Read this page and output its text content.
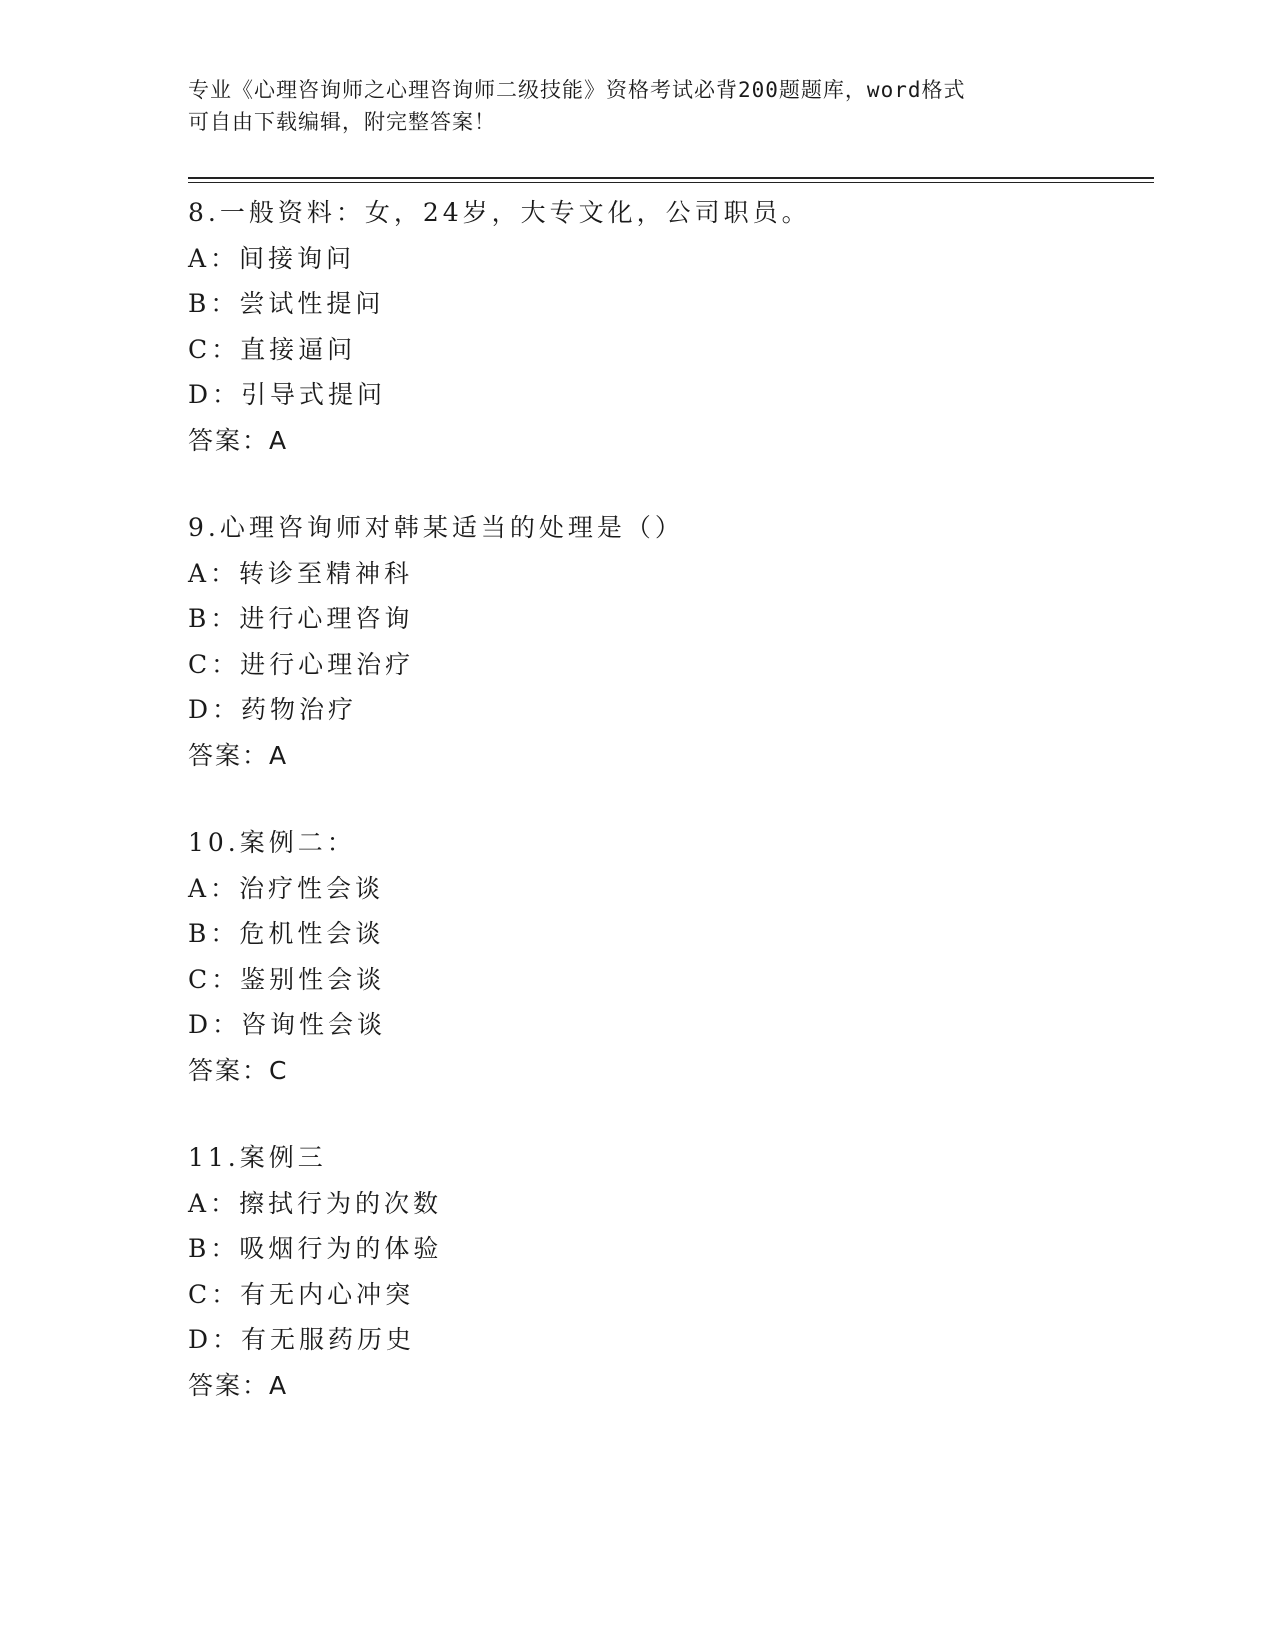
专业《心理咨询师之心理咨询师二级技能》资格考试必背200题题库，word格式
可自由下载编辑，附完整答案！
8.一般资料：女，24岁，大专文化，公司职员。
A：间接询问
B：尝试性提问
C：直接逼问
D：引导式提问
答案：A
9.心理咨询师对韩某适当的处理是（）
A：转诊至精神科
B：进行心理咨询
C：进行心理治疗
D：药物治疗
答案：A
10.案例二：
A：治疗性会谈
B：危机性会谈
C：鉴别性会谈
D：咨询性会谈
答案：C
11.案例三
A：擦拭行为的次数
B：吸烟行为的体验
C：有无内心冲突
D：有无服药历史
答案：A
